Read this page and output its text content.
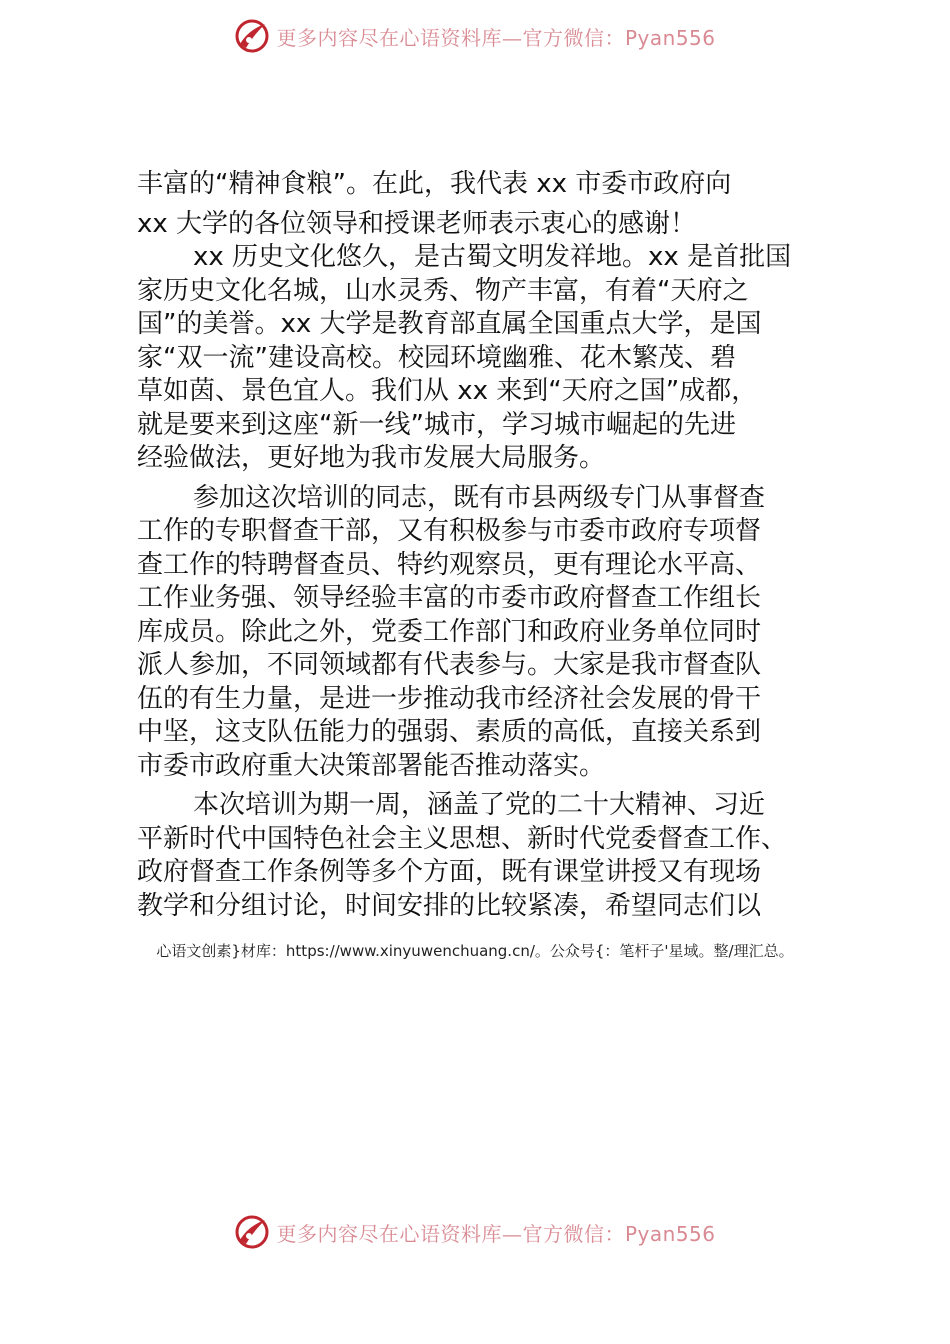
更多内容尽在心语资料库—官方微信：Pyan556
丰富的“精神食粮”。在此，我代表 xx 市委市政府向
xx 大学的各位领导和授课老师表示衷心的感谢！
xx 历史文化悠久，是古蜀文明发祥地。xx 是首批国
家历史文化名城，山水灵秀、物产丰富，有着“天府之
国”的美誉。xx 大学是教育部直属全国重点大学，是国
家“双一流”建设高校。校园环境幽雅、花木繁茂、碧
草如茵、景色宜人。我们从 xx 来到“天府之国”成都，
就是要来到这座“新一线”城市，学习城市崛起的先进
经验做法，更好地为我市发展大局服务。
参加这次培训的同志，既有市县两级专门从事督查
工作的专职督查干部，又有积极参与市委市政府专项督
查工作的特聘督查员、特约观察员，更有理论水平高、
工作业务强、领导经验丰富的市委市政府督查工作组长
库成员。除此之外，党委工作部门和政府业务单位同时
派人参加，不同领域都有代表参与。大家是我市督查队
伍的有生力量，是进一步推动我市经济社会发展的骨干
中坚，这支队伍能力的强弱、素质的高低，直接关系到
市委市政府重大决策部署能否推动落实。
本次培训为期一周，涵盖了党的二十大精神、习近
平新时代中国特色社会主义思想、新时代党委督查工作、
政府督查工作条例等多个方面，既有课堂讲授又有现场
教学和分组讨论，时间安排的比较紧凑，希望同志们以
心语文创素}材库：https://www.xinyuwenchuang.cn/。公众号{：笔杆子'星域。整/理汇总。
更多内容尽在心语资料库—官方微信：Pyan556
